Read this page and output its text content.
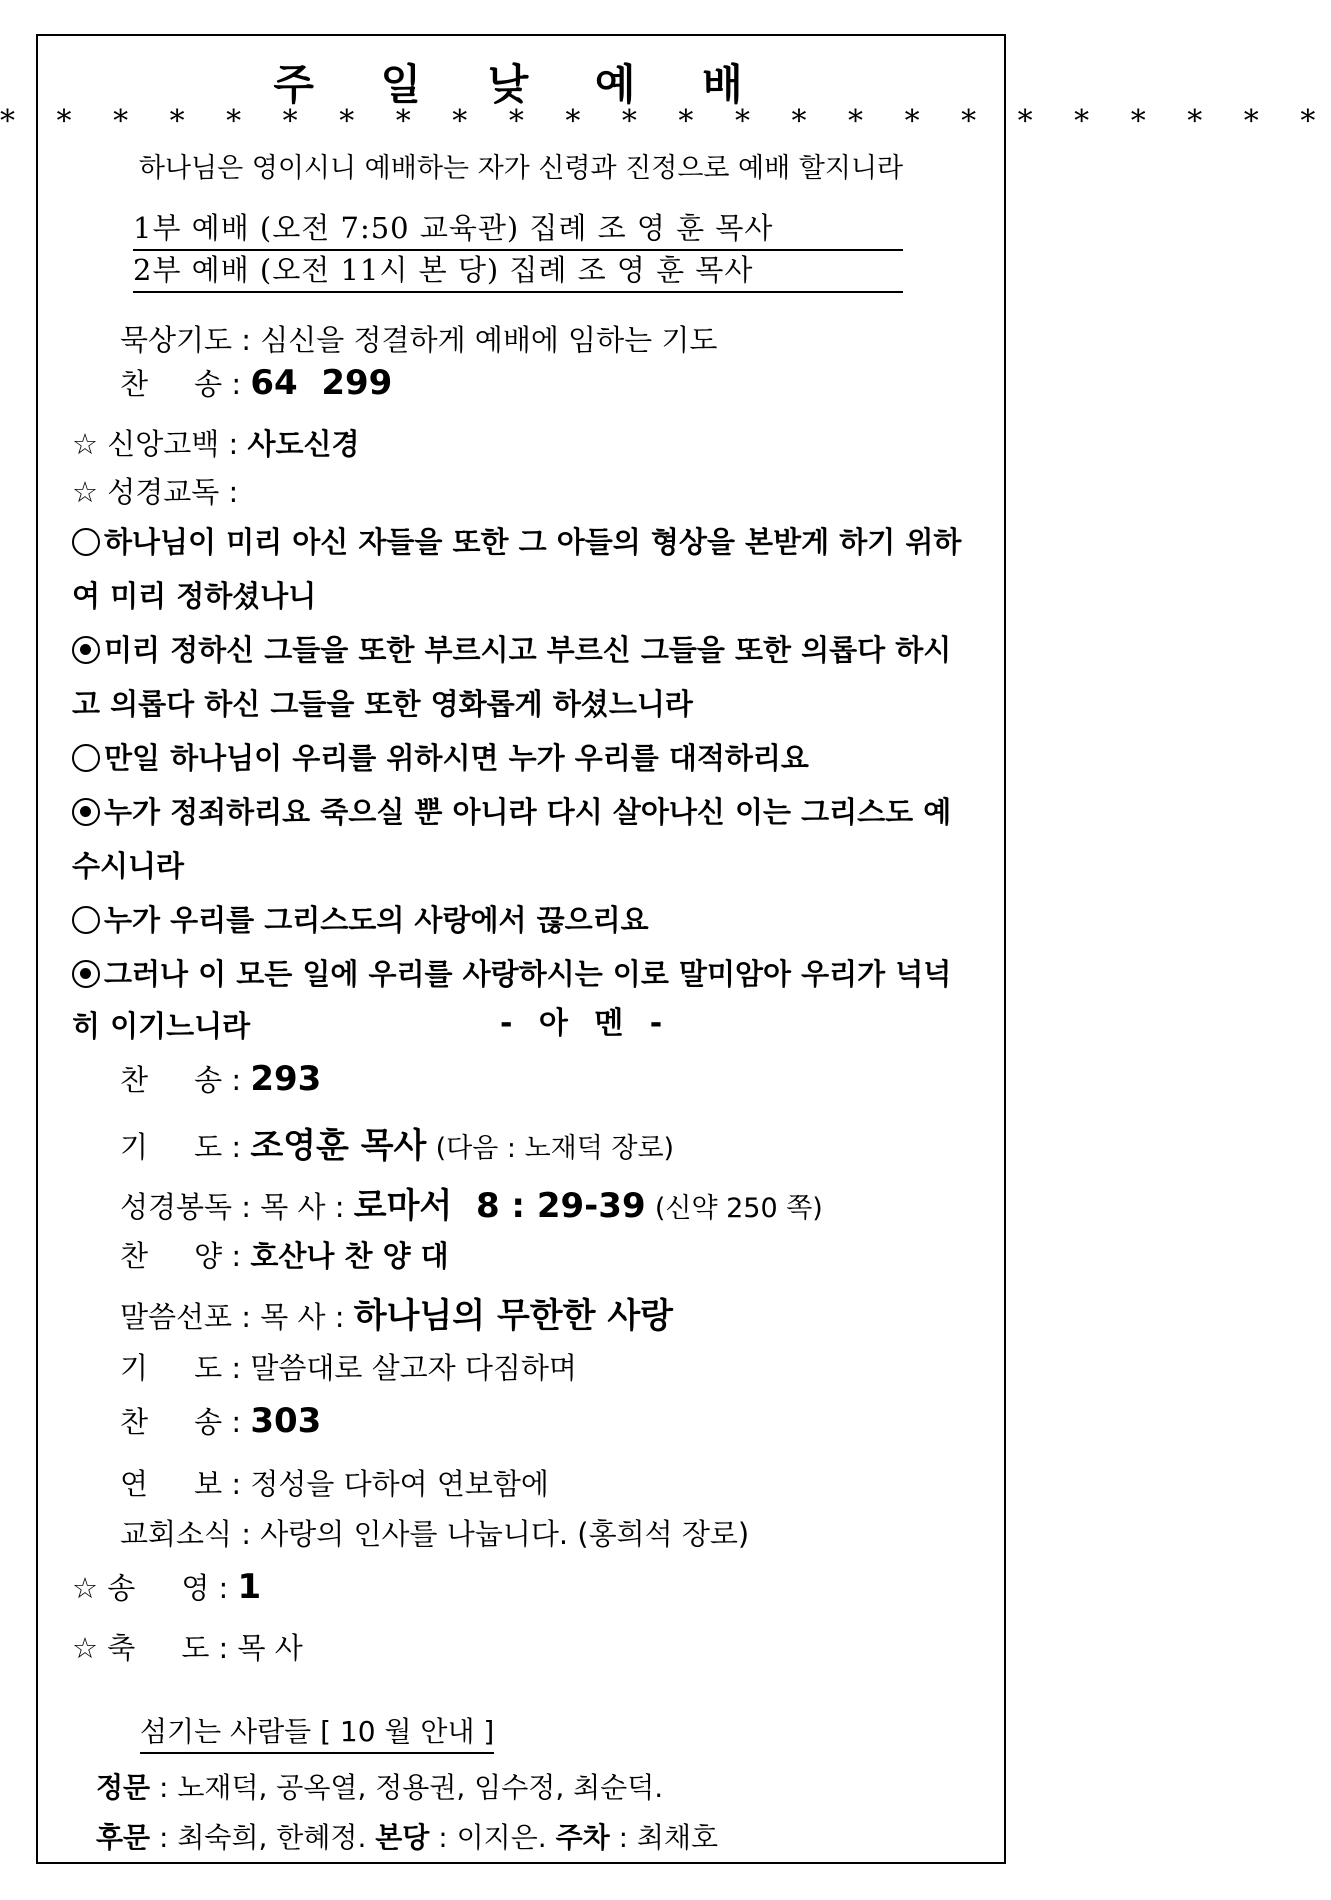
주 일 낮 예 배
* * * * * * * * * * * * * * * * * * * * * * * *
하나님은 영이시니 예배하는 자가 신령과 진정으로 예배 할지니라
1부 예배 (오전 7:50 교육관) 집례 조 영 훈 목사
2부 예배 (오전 11시 본 당) 집례 조 영 훈 목사
묵상기도 : 심신을 정결하게 예배에 임하는 기도
찬     송 : 64  299
☆ 신앙고백 : 사도신경
☆ 성경교독 :
하나님이 미리 아신 자들을 또한 그 아들의 형상을 본받게 하기 위하
여 미리 정하셨나니
미리 정하신 그들을 또한 부르시고 부르신 그들을 또한 의롭다 하시
고 의롭다 하신 그들을 또한 영화롭게 하셨느니라
만일 하나님이 우리를 위하시면 누가 우리를 대적하리요
누가 정죄하리요 죽으실 뿐 아니라 다시 살아나신 이는 그리스도 예
수시니라
누가 우리를 그리스도의 사랑에서 끊으리요
그러나 이 모든 일에 우리를 사랑하시는 이로 말미암아 우리가 넉넉
히 이기느니라	- 아 멘 -
찬     송 : 293
기     도 : 조영훈 목사 (다음 : 노재덕 장로)
성경봉독 : 목 사 : 로마서  8 : 29-39 (신약 250 쪽)
찬     양 : 호산나 찬 양 대
말씀선포 : 목 사 : 하나님의 무한한 사랑
기     도 : 말씀대로 살고자 다짐하며
찬     송 : 303
연     보 : 정성을 다하여 연보함에
교회소식 : 사랑의 인사를 나눕니다. (홍희석 장로)
☆ 송     영 : 1
☆ 축     도 : 목 사
섬기는 사람들 [ 10 월 안내 ]
정문 : 노재덕, 공옥열, 정용권, 임수정, 최순덕.
후문 : 최숙희, 한혜정. 본당 : 이지은. 주차 : 최채호
